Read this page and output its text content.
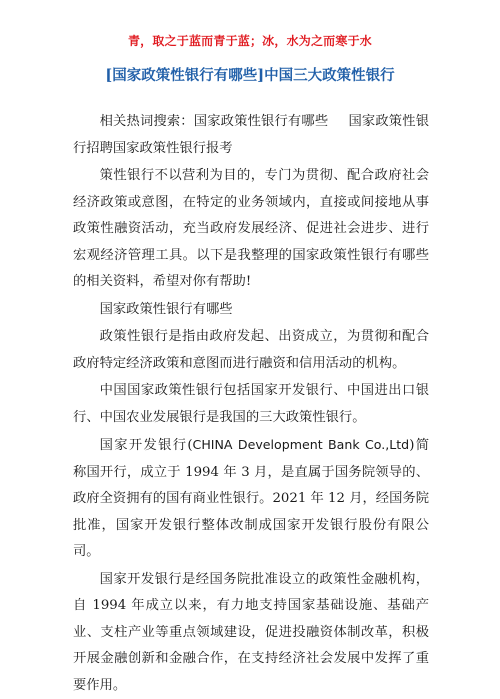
青，取之于蓝而青于蓝；冰，水为之而寒于水
[国家政策性银行有哪些]中国三大政策性银行

相关热词搜索：国家政策性银行有哪些 国家政策性银行招聘国家政策性银行报考

策性银行不以营利为目的，专门为贯彻、配合政府社会经济政策或意图，在特定的业务领域内，直接或间接地从事政策性融资活动，充当政府发展经济、促进社会进步、进行宏观经济管理工具。以下是我整理的国家政策性银行有哪些的相关资料，希望对你有帮助!

国家政策性银行有哪些

政策性银行是指由政府发起、出资成立，为贯彻和配合政府特定经济政策和意图而进行融资和信用活动的机构。

中国国家政策性银行包括国家开发银行、中国进出口银行、中国农业发展银行是我国的三大政策性银行。

国家开发银行(CHINA Development Bank Co.,Ltd)简称国开行，成立于 1994 年 3 月，是直属于国务院领导的、政府全资拥有的国有商业性银行。2021 年 12 月，经国务院批准，国家开发银行整体改制成国家开发银行股份有限公司。

国家开发银行是经国务院批准设立的政策性金融机构，自 1994 年成立以来，有力地支持国家基础设施、基础产业、支柱产业等重点领域建设，促进投融资体制改革，积极开展金融创新和金融合作，在支持经济社会发展中发挥了重要作用。
